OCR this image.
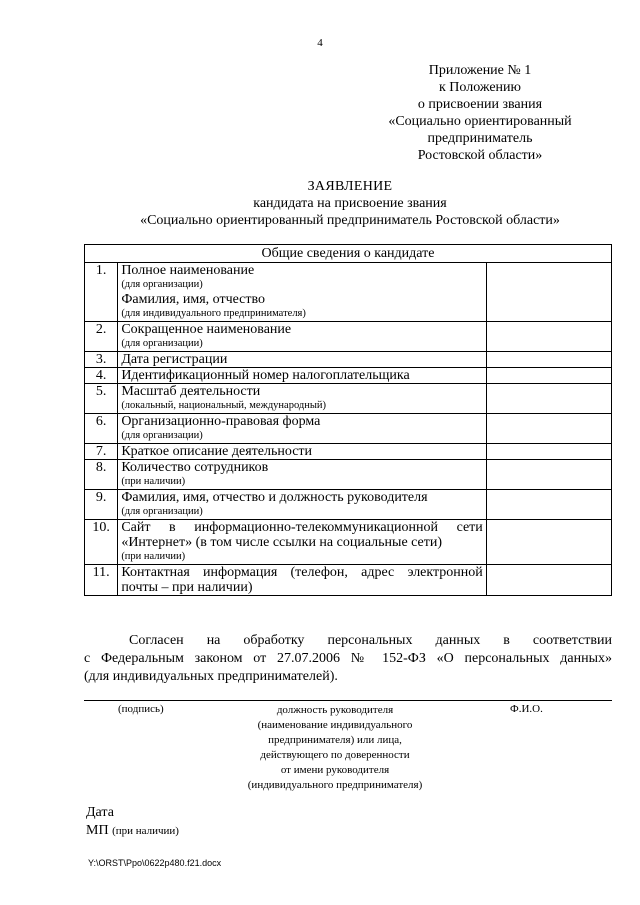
4
Приложение № 1
к Положению
о присвоении звания
«Социально ориентированный
предприниматель
Ростовской области»
ЗАЯВЛЕНИЕ
кандидата на присвоение звания
«Социально ориентированный предприниматель Ростовской области»
Общие сведения о кандидате		
1.	Полное наименование
(для организации)
Фамилия, имя, отчество
(для индивидуального предпринимателя)	

2.	Сокращенное наименование
(для организации)	

3.	Дата регистрации	
4.	Идентификационный номер налогоплательщика	
5.	Масштаб деятельности
(локальный, национальный, международный)	

6.	Организационно-правовая форма
(для организации)	

7.	Краткое описание деятельности	
8.	Количество сотрудников
(при наличии)	

9.	Фамилия, имя, отчество и должность руководителя
(для организации)	

10.	Сайт в информационно-телекоммуникационной сети
«Интернет» (в том числе ссылки на социальные сети)
(при наличии)	

11.	Контактная информация (телефон, адрес электронной
почты – при наличии)	

Согласен на обработку персональных данных в соответствии
с Федеральным законом от 27.07.2006 № 152-ФЗ «О персональных данных»
(для индивидуальных предпринимателей).
(подпись)	должность руководителя
(наименование индивидуального
предпринимателя) или лица,
действующего по доверенности
от имени руководителя
(индивидуального предпринимателя)
Ф.И.О.
Дата
МП (при наличии)
Y:\ORST\Ppo\0622p480.f21.docx
